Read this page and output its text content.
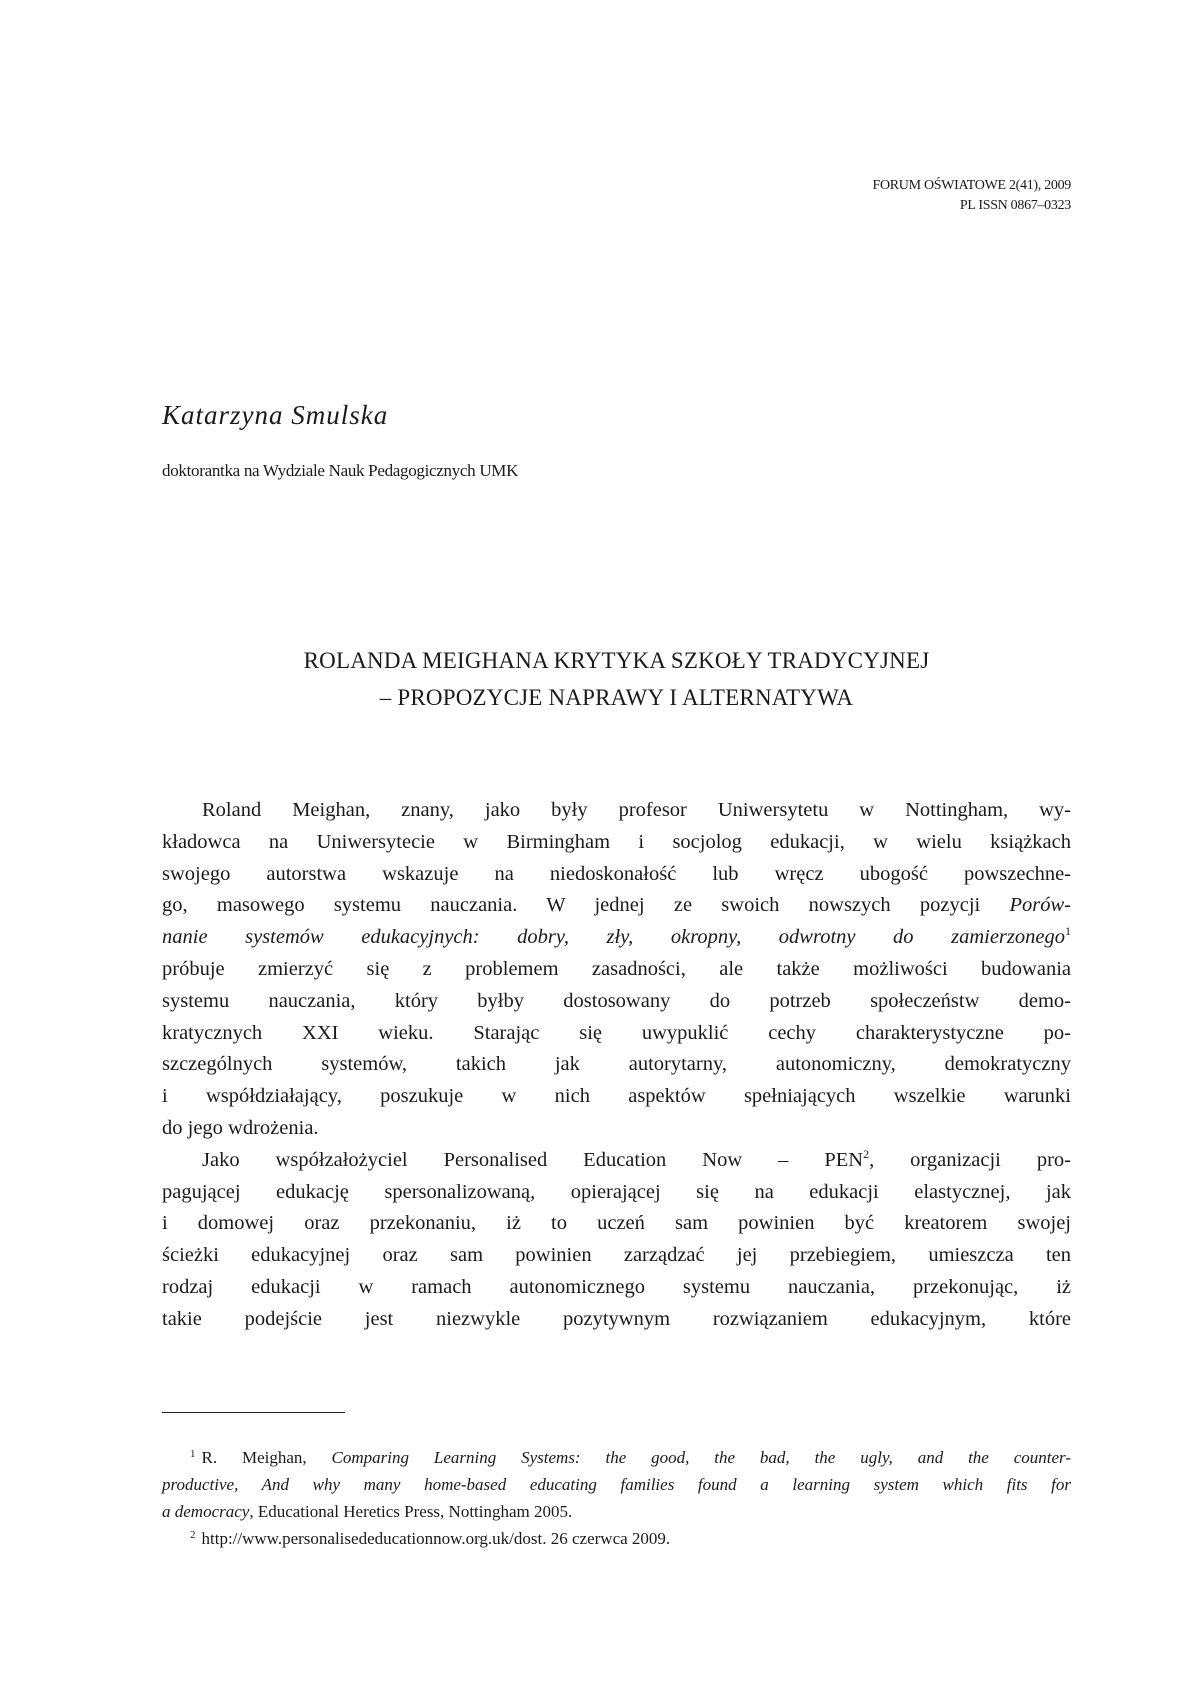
FORUM OŚWIATOWE 2(41), 2009
PL ISSN 0867–0323
Katarzyna Smulska
doktorantka na Wydziale Nauk Pedagogicznych UMK
ROLANDA MEIGHANA KRYTYKA SZKOŁY TRADYCYJNEJ
– PROPOZYCJE NAPRAWY I ALTERNATYWA
Roland Meighan, znany, jako były profesor Uniwersytetu w Nottingham, wy-
kładowca na Uniwersytecie w Birmingham i socjolog edukacji, w wielu książkach
swojego autorstwa wskazuje na niedoskonałość lub wręcz ubogość powszechne-
go, masowego systemu nauczania. W jednej ze swoich nowszych pozycji Porów-
nanie systemów edukacyjnych: dobry, zły, okropny, odwrotny do zamierzonego$^1$
próbuje zmierzyć się z problemem zasadności, ale także możliwości budowania
systemu nauczania, który byłby dostosowany do potrzeb społeczeństw demo-
kratycznych XXI wieku. Starając się uwypuklić cechy charakterystyczne po-
szczególnych systemów, takich jak autorytarny, autonomiczny, demokratyczny
i współdziałający, poszukuje w nich aspektów spełniających wszelkie warunki
do jego wdrożenia.
Jako współzałożyciel Personalised Education Now – PEN$^2$, organizacji pro-
pagującej edukację spersonalizowaną, opierającej się na edukacji elastycznej, jak
i domowej oraz przekonaniu, iż to uczeń sam powinien być kreatorem swojej
ścieżki edukacyjnej oraz sam powinien zarządzać jej przebiegiem, umieszcza ten
rodzaj edukacji w ramach autonomicznego systemu nauczania, przekonując, iż
takie podejście jest niezwykle pozytywnym rozwiązaniem edukacyjnym, które
$^1$ R. Meighan, Comparing Learning Systems: the good, the bad, the ugly, and the counter-
productive, And why many home-based educating families found a learning system which fits for
a democracy, Educational Heretics Press, Nottingham 2005.
$^2$ http://www.personalisededucationnow.org.uk/dost. 26 czerwca 2009.
